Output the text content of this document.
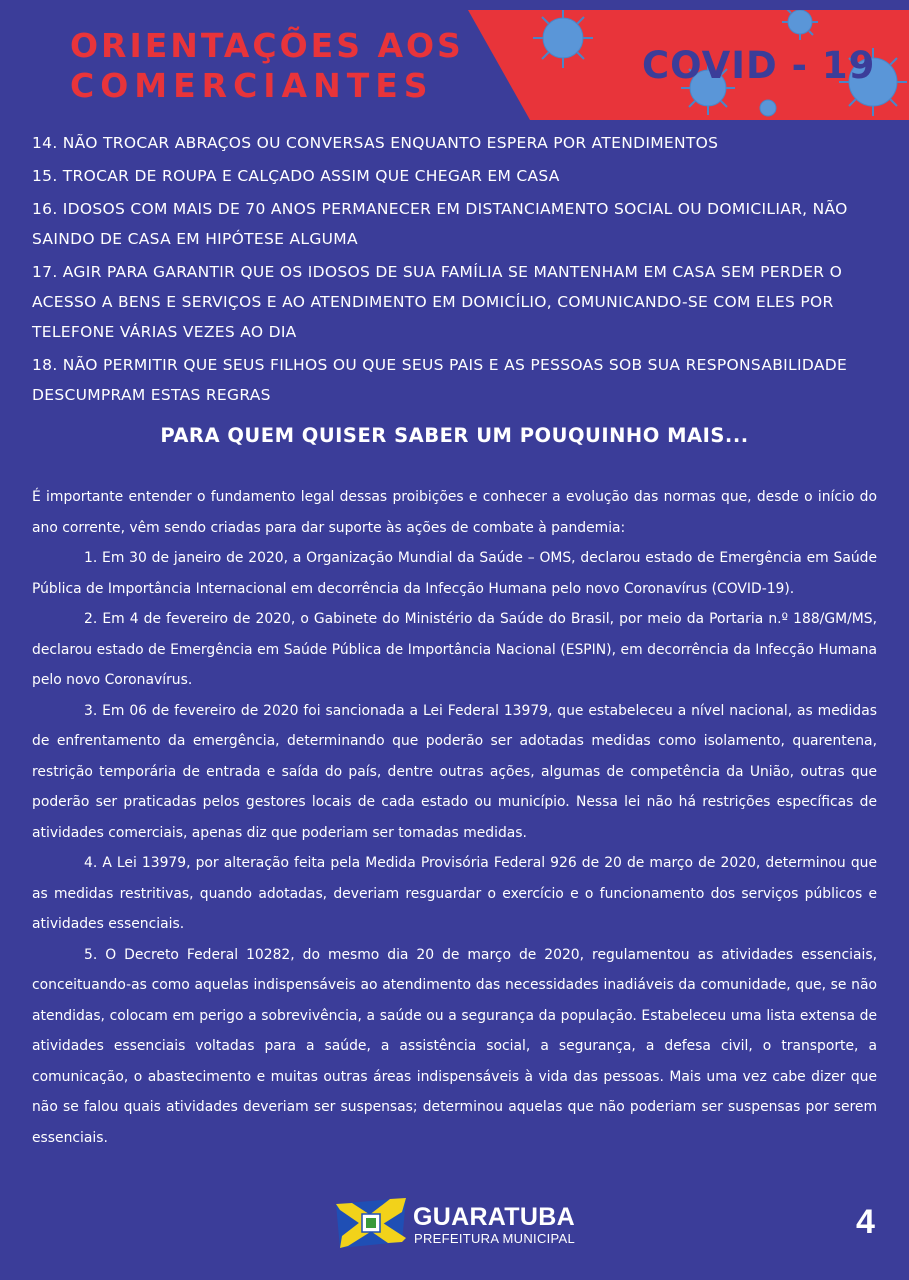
ORIENTAÇÕES AOS
COMERCIANTES	COVID - 19
14. NÃO TROCAR ABRAÇOS OU CONVERSAS ENQUANTO ESPERA POR ATENDIMENTOS
15. TROCAR DE ROUPA E CALÇADO ASSIM QUE CHEGAR EM CASA
16. IDOSOS COM MAIS DE 70 ANOS PERMANECER EM DISTANCIAMENTO SOCIAL OU DOMICILIAR, NÃO SAINDO DE CASA EM HIPÓTESE ALGUMA
17. AGIR PARA GARANTIR QUE OS IDOSOS DE SUA FAMÍLIA SE MANTENHAM EM CASA SEM PERDER O ACESSO A BENS E SERVIÇOS E AO ATENDIMENTO EM DOMICÍLIO, COMUNICANDO-SE COM ELES POR TELEFONE VÁRIAS VEZES AO DIA
18. NÃO PERMITIR QUE SEUS FILHOS OU QUE SEUS PAIS E AS PESSOAS SOB SUA RESPONSABILIDADE DESCUMPRAM ESTAS REGRAS
PARA QUEM QUISER SABER UM POUQUINHO MAIS...

É importante entender o fundamento legal dessas proibições e conhecer a evolução das normas que, desde o início do ano corrente, vêm sendo criadas para dar suporte às ações de combate à pandemia:

1. Em 30 de janeiro de 2020, a Organização Mundial da Saúde – OMS, declarou estado de Emergência em Saúde Pública de Importância Internacional em decorrência da Infecção Humana pelo novo Coronavírus (COVID-19).

2. Em 4 de fevereiro de 2020, o Gabinete do Ministério da Saúde do Brasil, por meio da Portaria n.º 188/GM/MS, declarou estado de Emergência em Saúde Pública de Importância Nacional (ESPIN), em decorrência da Infecção Humana pelo novo Coronavírus.

3. Em 06 de fevereiro de 2020 foi sancionada a Lei Federal 13979, que estabeleceu a nível nacional, as medidas de enfrentamento da emergência, determinando que poderão ser adotadas medidas como isolamento, quarentena, restrição temporária de entrada e saída do país, dentre outras ações, algumas de competência da União, outras que poderão ser praticadas pelos gestores locais de cada estado ou município. Nessa lei não há restrições específicas de atividades comerciais, apenas diz que poderiam ser tomadas medidas.

4. A Lei 13979, por alteração feita pela Medida Provisória Federal 926 de 20 de março de 2020, determinou que as medidas restritivas, quando adotadas, deveriam resguardar o exercício e o funcionamento dos serviços públicos e atividades essenciais.

5. O Decreto Federal 10282, do mesmo dia 20 de março de 2020, regulamentou as atividades essenciais, conceituando-as como aquelas indispensáveis ao atendimento das necessidades inadiáveis da comunidade, que, se não atendidas, colocam em perigo a sobrevivência, a saúde ou a segurança da população. Estabeleceu uma lista extensa de atividades essenciais voltadas para a saúde, a assistência social, a segurança, a defesa civil, o transporte, a comunicação, o abastecimento e muitas outras áreas indispensáveis à vida das pessoas. Mais uma vez cabe dizer que não se falou quais atividades deveriam ser suspensas; determinou aquelas que não poderiam ser suspensas por serem essenciais.

GUARATUBA
PREFEITURA MUNICIPAL	4
